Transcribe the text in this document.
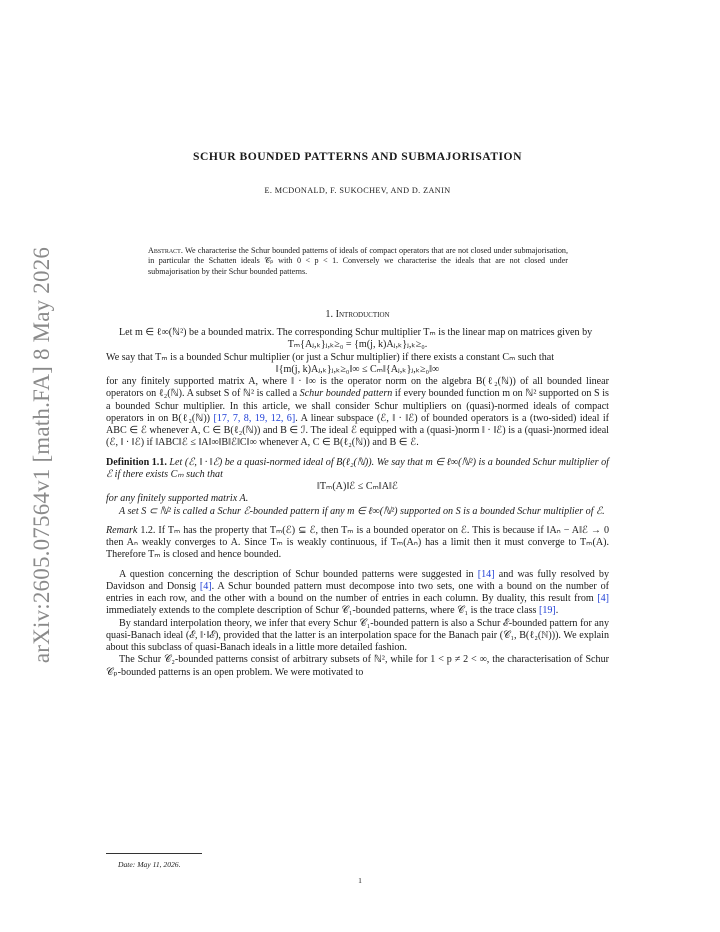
arXiv:2605.07564v1 [math.FA] 8 May 2026
SCHUR BOUNDED PATTERNS AND SUBMAJORISATION
E. MCDONALD, F. SUKOCHEV, AND D. ZANIN
Abstract. We characterise the Schur bounded patterns of ideals of compact operators that are not closed under submajorisation, in particular the Schatten ideals 𝒞ₚ with 0 < p < 1. Conversely we characterise the ideals that are not closed under submajorisation by their Schur bounded patterns.
1. Introduction

Let m ∈ ℓ∞(ℕ²) be a bounded matrix. The corresponding Schur multiplier Tₘ is the linear map on matrices given by

Tₘ{Aⱼ,ₖ}ⱼ,ₖ≥₀ = {m(j, k)Aⱼ,ₖ}ⱼ,ₖ≥₀.

We say that Tₘ is a bounded Schur multiplier (or just a Schur multiplier) if there exists a constant Cₘ such that

‖{m(j, k)Aⱼ,ₖ}ⱼ,ₖ≥₀‖∞ ≤ Cₘ‖{Aⱼ,ₖ}ⱼ,ₖ≥₀‖∞

for any finitely supported matrix A, where ‖ · ‖∞ is the operator norm on the algebra B(ℓ₂(ℕ)) of all bounded linear operators on ℓ₂(ℕ). A subset S of ℕ² is called a Schur bounded pattern if every bounded function m on ℕ² supported on S is a bounded Schur multiplier. In this article, we shall consider Schur multipliers on (quasi)-normed ideals of compact operators in on B(ℓ₂(ℕ)) [17, 7, 8, 19, 12, 6]. A linear subspace (ℰ, ‖ · ‖ℰ) of bounded operators is a (two-sided) ideal if ABC ∈ ℰ whenever A, C ∈ B(ℓ₂(ℕ)) and B ∈ ℐ. The ideal ℰ equipped with a (quasi-)norm ‖ · ‖ℰ) is a (quasi-)normed ideal (ℰ, ‖ · ‖ℰ) if ‖ABC‖ℰ ≤ ‖A‖∞‖B‖ℰ‖C‖∞ whenever A, C ∈ B(ℓ₂(ℕ)) and B ∈ ℰ.

Definition 1.1. Let (ℰ, ‖ · ‖ℰ) be a quasi-normed ideal of B(ℓ₂(ℕ)). We say that m ∈ ℓ∞(ℕ²) is a bounded Schur multiplier of ℰ if there exists Cₘ such that

‖Tₘ(A)‖ℰ ≤ Cₘ‖A‖ℰ

for any finitely supported matrix A.

A set S ⊂ ℕ² is called a Schur ℰ-bounded pattern if any m ∈ ℓ∞(ℕ²) supported on S is a bounded Schur multiplier of ℰ.

Remark 1.2. If Tₘ has the property that Tₘ(ℰ) ⊆ ℰ, then Tₘ is a bounded operator on ℰ. This is because if ‖Aₙ − A‖ℰ → 0 then Aₙ weakly converges to A. Since Tₘ is weakly continuous, if Tₘ(Aₙ) has a limit then it must converge to Tₘ(A). Therefore Tₘ is closed and hence bounded.

A question concerning the description of Schur bounded patterns were suggested in [14] and was fully resolved by Davidson and Donsig [4]. A Schur bounded pattern must decompose into two sets, one with a bound on the number of entries in each row, and the other with a bound on the number of entries in each column. By duality, this result from [4] immediately extends to the complete description of Schur 𝒞₁-bounded patterns, where 𝒞₁ is the trace class [19].

By standard interpolation theory, we infer that every Schur 𝒞₁-bounded pattern is also a Schur ℰ-bounded pattern for any quasi-Banach ideal (ℰ, ‖·‖ℰ), provided that the latter is an interpolation space for the Banach pair (𝒞₁, B(ℓ₂(ℕ))). We explain about this subclass of quasi-Banach ideals in a little more detailed fashion.

The Schur 𝒞₂-bounded patterns consist of arbitrary subsets of ℕ², while for 1 < p ≠ 2 < ∞, the characterisation of Schur 𝒞ₚ-bounded patterns is an open problem. We were motivated to

Date: May 11, 2026.
1
